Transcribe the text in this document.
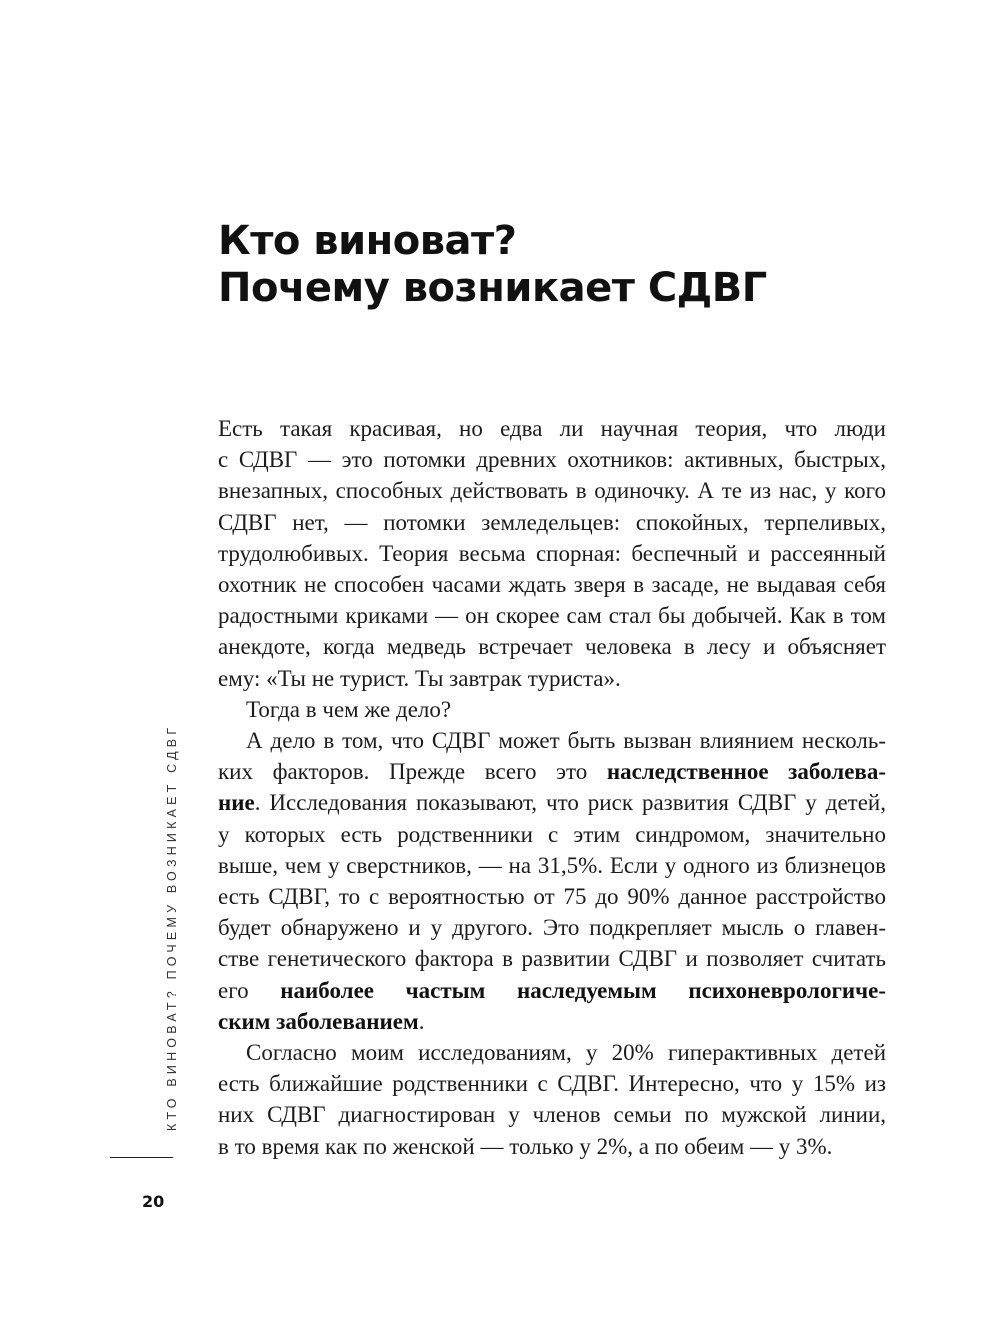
Кто виноват?
Почему возникает СДВГ
Есть такая красивая, но едва ли научная теория, что люди
с СДВГ — это потомки древних охотников: активных, быстрых,
внезапных, способных действовать в одиночку. А те из нас, у кого
СДВГ нет, — потомки земледельцев: спокойных, терпеливых,
трудолюбивых. Теория весьма спорная: беспечный и рассеянный
охотник не способен часами ждать зверя в засаде, не выдавая себя
радостными криками — он скорее сам стал бы добычей. Как в том
анекдоте, когда медведь встречает человека в лесу и объясняет
ему: «Ты не турист. Ты завтрак туриста».
Тогда в чем же дело?
А дело в том, что СДВГ может быть вызван влиянием несколь-
ких факторов. Прежде всего это наследственное заболева-
ние. Исследования показывают, что риск развития СДВГ у детей,
у которых есть родственники с этим синдромом, значительно
выше, чем у сверстников, — на 31,5%. Если у одного из близнецов
есть СДВГ, то с вероятностью от 75 до 90% данное расстройство
будет обнаружено и у другого. Это подкрепляет мысль о главен-
стве генетического фактора в развитии СДВГ и позволяет считать
его наиболее частым наследуемым психоневрологиче-
ским заболеванием.
Согласно моим исследованиям, у 20% гиперактивных детей
есть ближайшие родственники с СДВГ. Интересно, что у 15% из
них СДВГ диагностирован у членов семьи по мужской линии,
в то время как по женской — только у 2%, а по обеим — у 3%.
КТО ВИНОВАТ? ПОЧЕМУ ВОЗНИКАЕТ СДВГ
20
